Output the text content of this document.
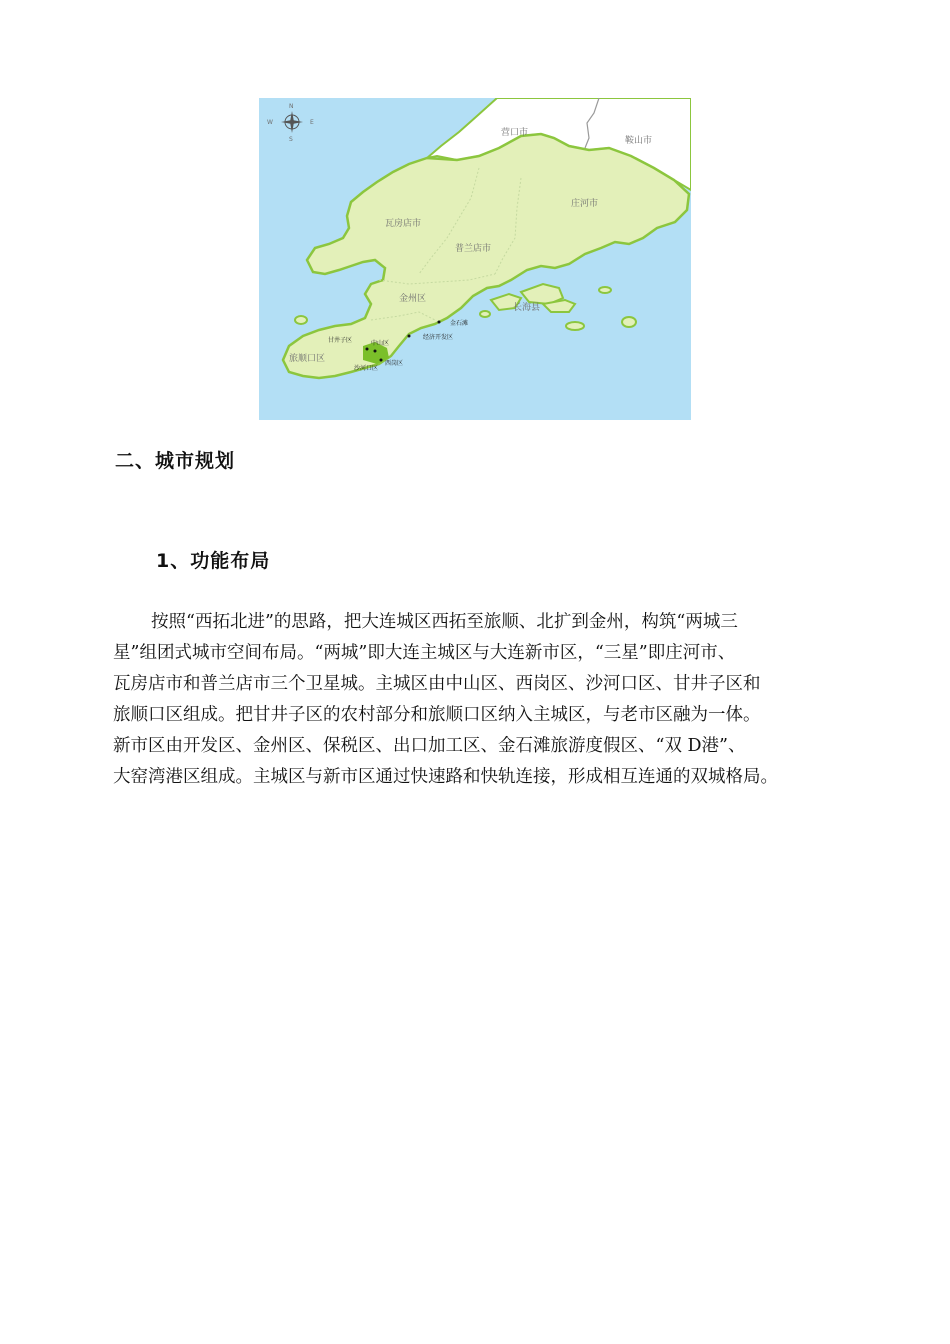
N
S
E
W
营口市
鞍山市
庄河市
瓦房店市
普兰店市
金州区
长海县
金石滩
经济开发区
甘井子区	中山区
旅顺口区	西岗区
沙河口区
二、城市规划
1、功能布局

按照“西拓北进”的思路，把大连城区西拓至旅顺、北扩到金州，构筑“两城三
星”组团式城市空间布局。“两城”即大连主城区与大连新市区，“三星”即庄河市、
瓦房店市和普兰店市三个卫星城。主城区由中山区、西岗区、沙河口区、甘井子区和
旅顺口区组成。把甘井子区的农村部分和旅顺口区纳入主城区，与老市区融为一体。
新市区由开发区、金州区、保税区、出口加工区、金石滩旅游度假区、“双 D港”、
大窑湾港区组成。主城区与新市区通过快速路和快轨连接，形成相互连通的双城格局。
